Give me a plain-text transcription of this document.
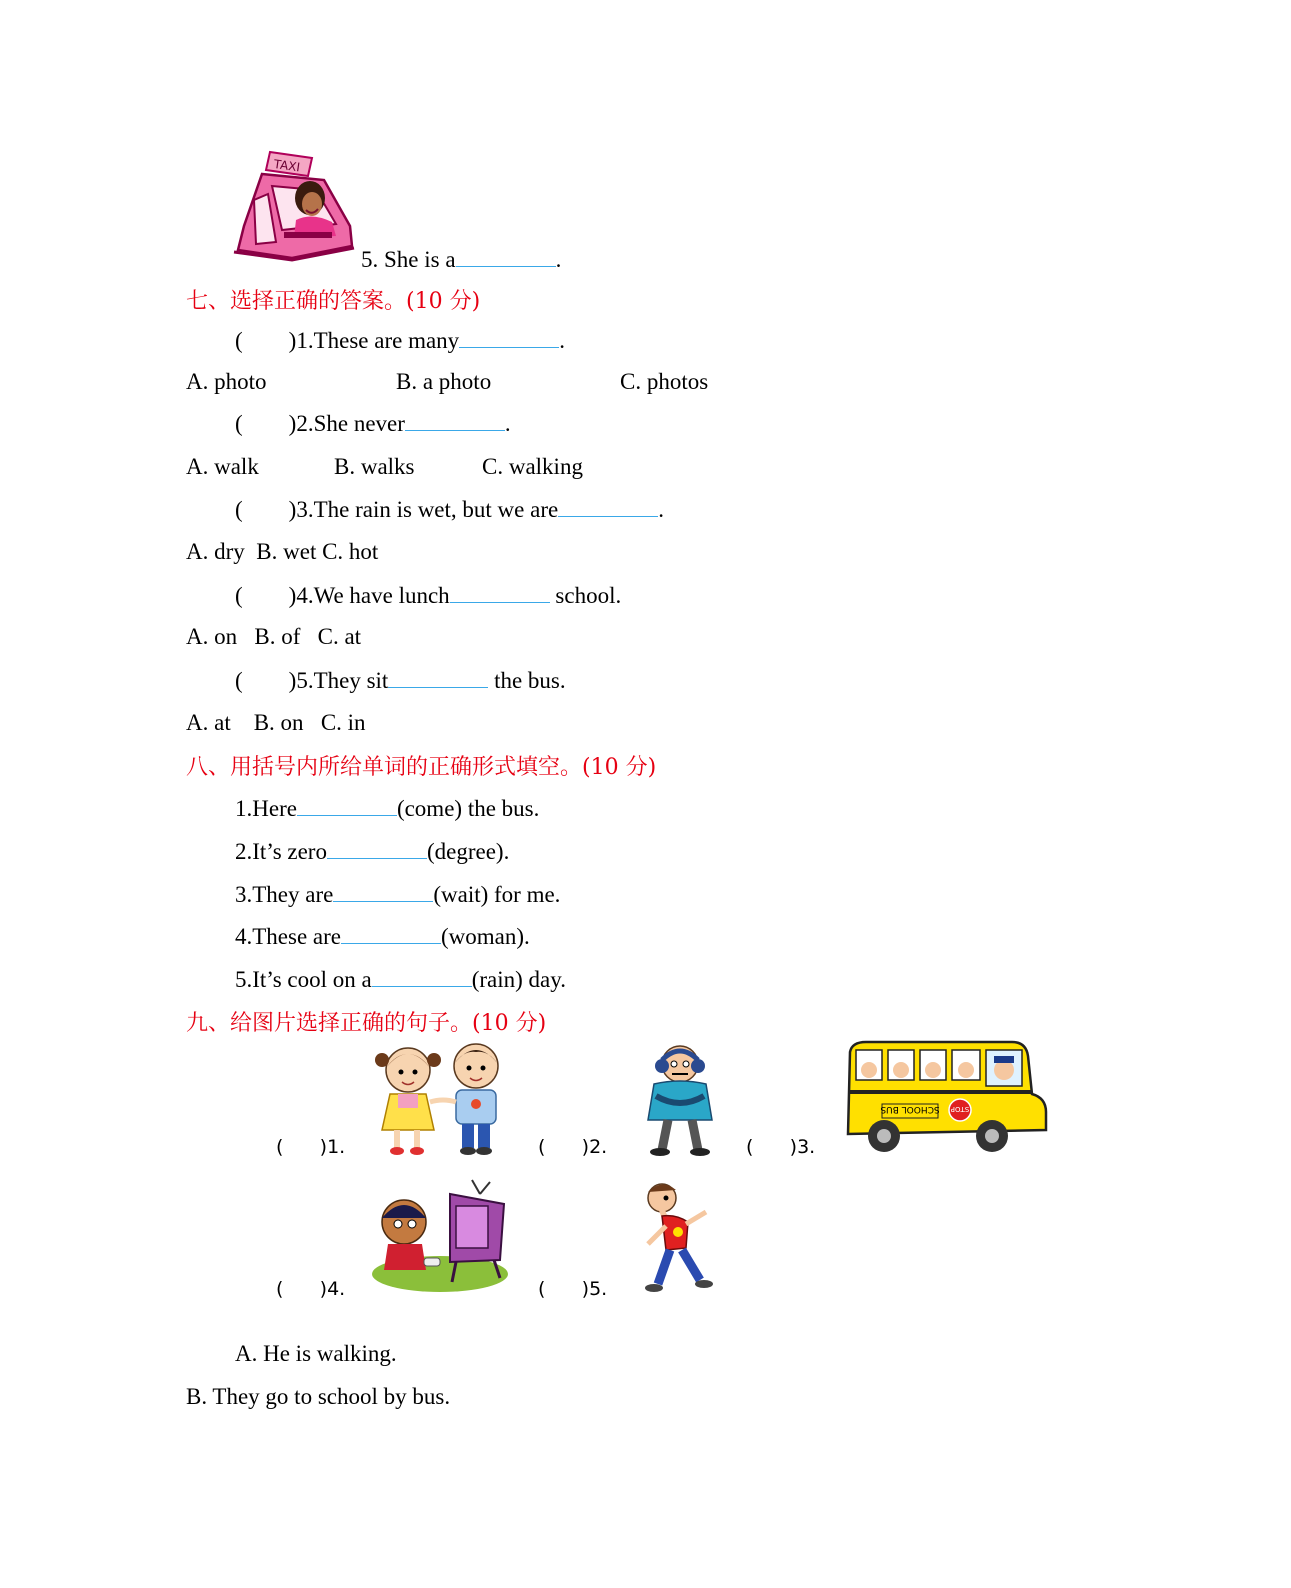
TAXI
5. She is a	.
七、选择正确的答案。(10 分)
( )1.These are many	.
A. photo	B. a photo	C. photos
( )2.She never	.
A. walk	B. walks	C. walking
( )3.The rain is wet, but we are	.
A. dry B. wet C. hot
( )4.We have lunch	school.
A. on B. of C. at
( )5.They sit	the bus.
A. at B. on C. in
八、用括号内所给单词的正确形式填空。(10 分)
1.Here	(come) the bus.
2.It’s zero	(degree).
3.They are	(wait) for me.
4.These are	(woman).
5.It’s cool on a	(rain) day.
九、给图片选择正确的句子。(10 分)
(      )1.	(      )2.	(      )3.
SCHOOL BUS STOP
(      )4.	(      )5.
A. He is walking.
B. They go to school by bus.
